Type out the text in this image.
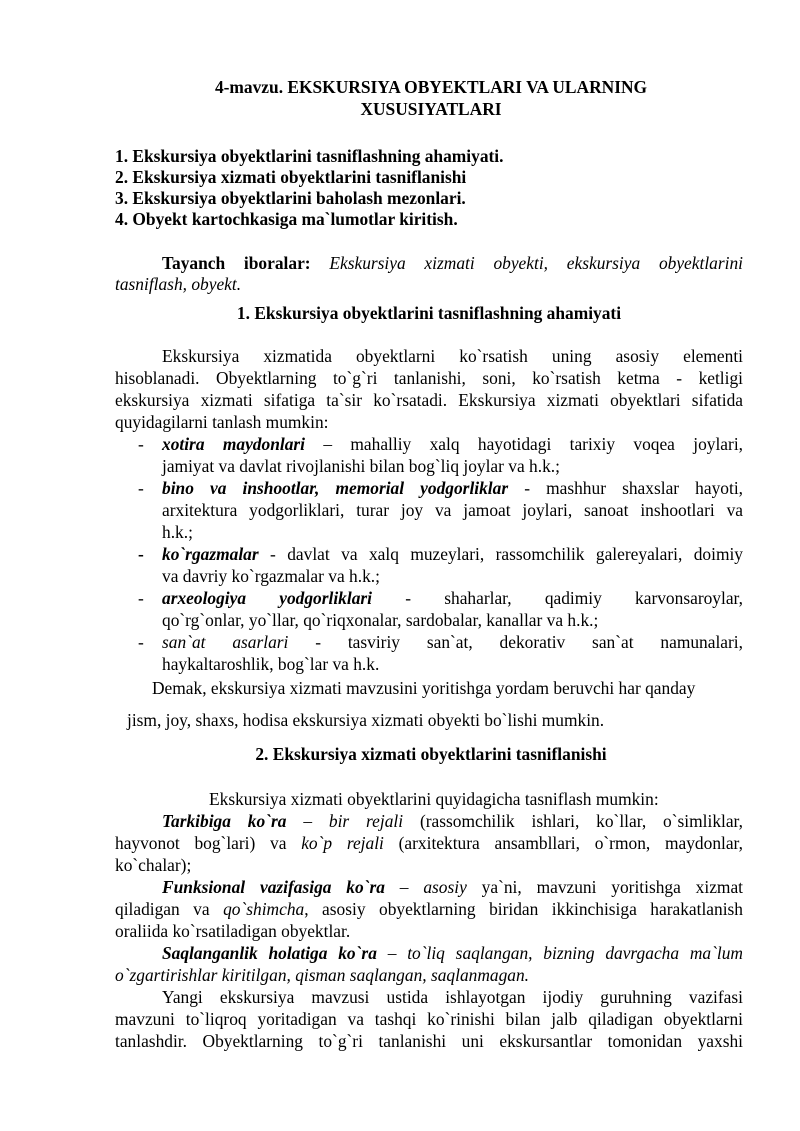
4-mavzu. EKSKURSIYA OBYEKTLARI VA ULARNING
XUSUSIYATLARI
1. Ekskursiya obyektlarini tasniflashning ahamiyati.
2. Ekskursiya xizmati obyektlarini tasniflanishi
3. Ekskursiya obyektlarini baholash mezonlari.
4. Obyekt kartochkasiga ma`lumotlar kiritish.
Tayanch iboralar: Ekskursiya xizmati obyekti, ekskursiya obyektlarini
tasniflash, obyekt.
1. Ekskursiya obyektlarini tasniflashning ahamiyati
Ekskursiya xizmatida obyektlarni ko`rsatish uning asosiy elementi
hisoblanadi. Obyektlarning to`g`ri tanlanishi, soni, ko`rsatish ketma - ketligi
ekskursiya xizmati sifatiga ta`sir ko`rsatadi. Ekskursiya xizmati obyektlari sifatida
quyidagilarni tanlash mumkin:
- xotira maydonlari – mahalliy xalq hayotidagi tarixiy voqea joylari,
jamiyat va davlat rivojlanishi bilan bog`liq joylar va h.k.;
- bino va inshootlar, memorial yodgorliklar - mashhur shaxslar hayoti,
arxitektura yodgorliklari, turar joy va jamoat joylari, sanoat inshootlari va
h.k.;
- ko`rgazmalar - davlat va xalq muzeylari, rassomchilik galereyalari, doimiy
va davriy ko`rgazmalar va h.k.;
- arxeologiya yodgorliklari - shaharlar, qadimiy karvonsaroylar,
qo`rg`onlar, yo`llar, qo`riqxonalar, sardobalar, kanallar va h.k.;
- san`at asarlari - tasviriy san`at, dekorativ san`at namunalari,
haykaltaroshlik, bog`lar va h.k.
Demak, ekskursiya xizmati mavzusini yoritishga yordam beruvchi har qanday
jism, joy, shaxs, hodisa ekskursiya xizmati obyekti bo`lishi mumkin.
2. Ekskursiya xizmati obyektlarini tasniflanishi
Ekskursiya xizmati obyektlarini quyidagicha tasniflash mumkin:
Tarkibiga ko`ra – bir rejali (rassomchilik ishlari, ko`llar, o`simliklar,
hayvonot bog`lari) va ko`p rejali (arxitektura ansambllari, o`rmon, maydonlar,
ko`chalar);
Funksional vazifasiga ko`ra – asosiy ya`ni, mavzuni yoritishga xizmat
qiladigan va qo`shimcha, asosiy obyektlarning biridan ikkinchisiga harakatlanish
oraliida ko`rsatiladigan obyektlar.
Saqlanganlik holatiga ko`ra – to`liq saqlangan, bizning davrgacha ma`lum
o`zgartirishlar kiritilgan, qisman saqlangan, saqlanmagan.
Yangi ekskursiya mavzusi ustida ishlayotgan ijodiy guruhning vazifasi
mavzuni to`liqroq yoritadigan va tashqi ko`rinishi bilan jalb qiladigan obyektlarni
tanlashdir. Obyektlarning to`g`ri tanlanishi uni ekskursantlar tomonidan yaxshi
